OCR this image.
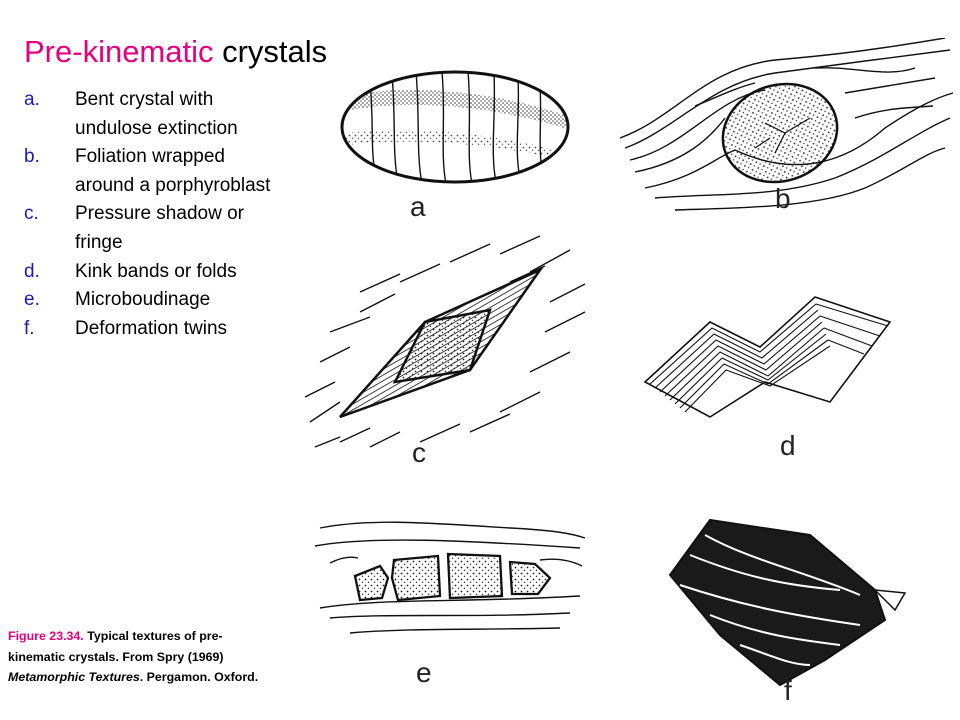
Pre-kinematic crystals
a. Bent crystal with undulose extinction
b. Foliation wrapped around a porphyroblast
c. Pressure shadow or fringe
d. Kink bands or folds
e. Microboudinage
f. Deformation twins
Figure 23.34. Typical textures of pre-kinematic crystals. From Spry (1969) Metamorphic Textures. Pergamon. Oxford.
a	b
c	d
e
f
